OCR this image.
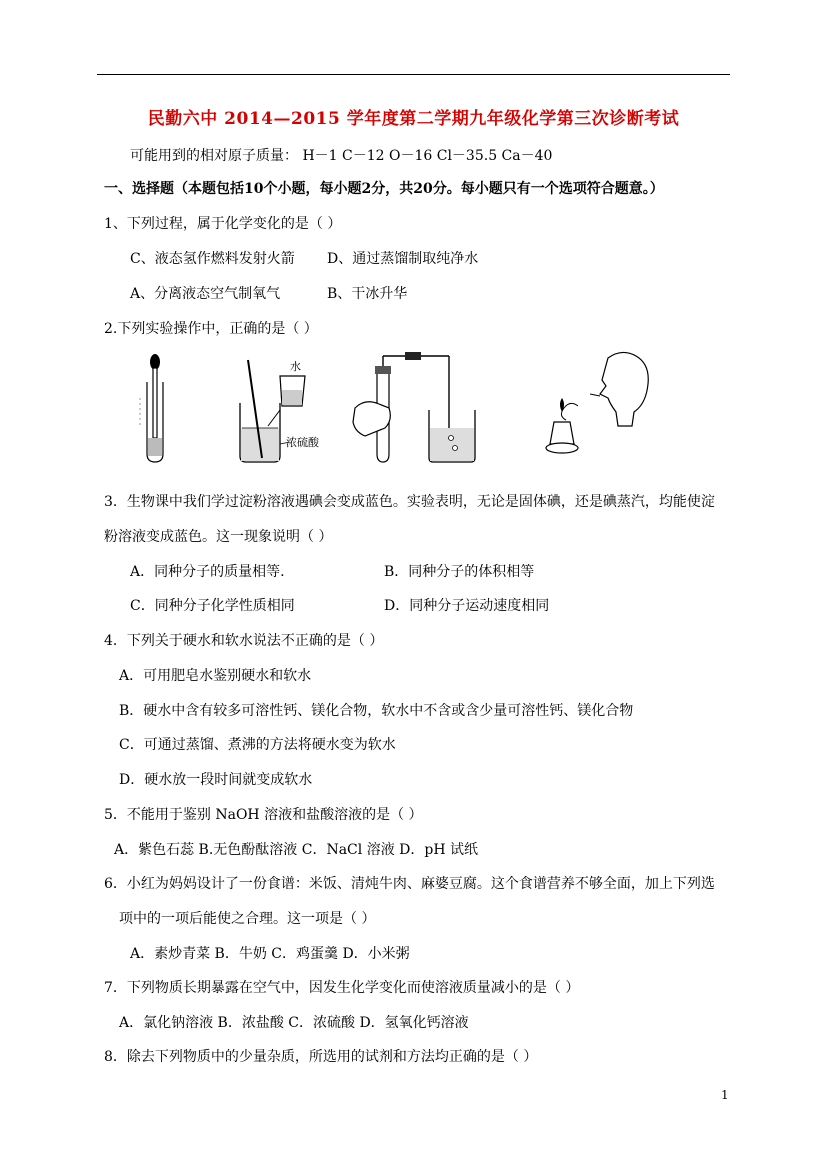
民勤六中 2014—2015 学年度第二学期九年级化学第三次诊断考试
可能用到的相对原子质量： H－1 C－12 O－16 Cl－35.5 Ca－40
一、选择题（本题包括10个小题，每小题2分，共20分。每小题只有一个选项符合题意。）
1、下列过程，属于化学变化的是（ ）
C、液态氢作燃料发射火箭 D、通过蒸馏制取纯净水
A、分离液态空气制氧气	B、干冰升华
2.下列实验操作中，正确的是（ ）
水
浓硫酸
3．生物课中我们学过淀粉溶液遇碘会变成蓝色。实验表明，无论是固体碘，还是碘蒸汽，均能使淀
粉溶液变成蓝色。这一现象说明（ ）
A．同种分子的质量相等.	B．同种分子的体积相等
C．同种分子化学性质相同	D．同种分子运动速度相同
4．下列关于硬水和软水说法不正确的是（ ）
A．可用肥皂水鉴别硬水和软水
B．硬水中含有较多可溶性钙、镁化合物，软水中不含或含少量可溶性钙、镁化合物
C．可通过蒸馏、煮沸的方法将硬水变为软水
D．硬水放一段时间就变成软水
5．不能用于鉴别 NaOH 溶液和盐酸溶液的是（ ）
A．紫色石蕊 B.无色酚酞溶液 C．NaCl 溶液 D．pH 试纸
6．小红为妈妈设计了一份食谱：米饭、清炖牛肉、麻婆豆腐。这个食谱营养不够全面，加上下列选
项中的一项后能使之合理。这一项是（ ）
A．素炒青菜 B．牛奶 C．鸡蛋羹 D．小米粥
7．下列物质长期暴露在空气中，因发生化学变化而使溶液质量减小的是（ ）
A．氯化钠溶液 B．浓盐酸 C．浓硫酸 D．氢氧化钙溶液
8．除去下列物质中的少量杂质，所选用的试剂和方法均正确的是（ ）
1
